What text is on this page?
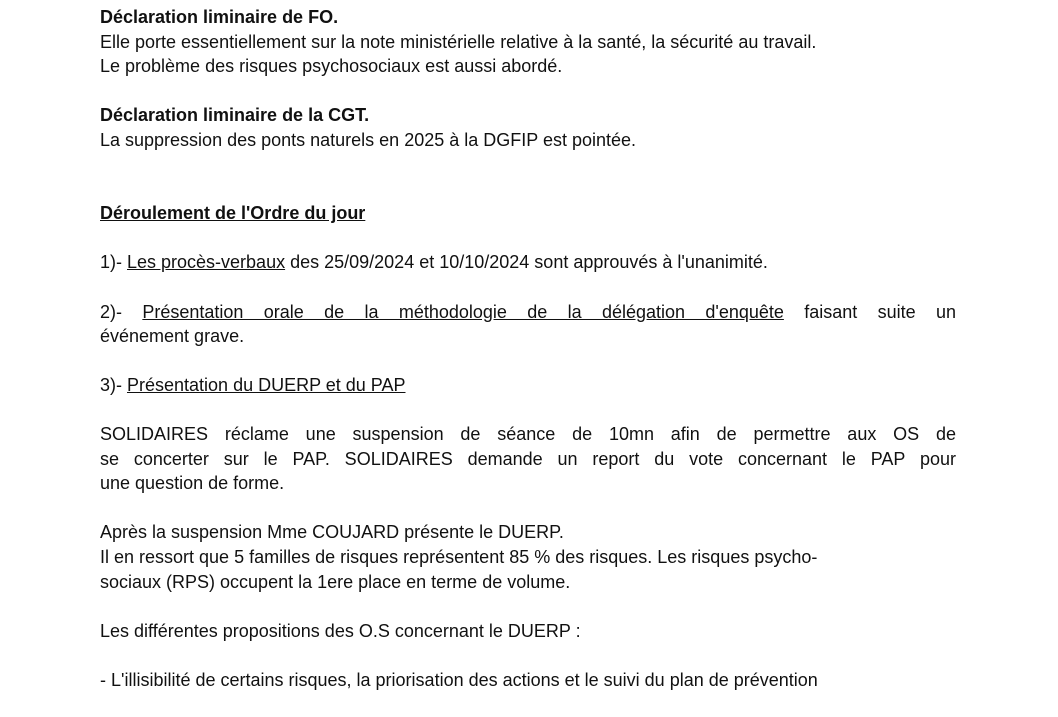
Déclaration liminaire de FO.
Elle porte essentiellement sur la note ministérielle relative à la santé, la sécurité au travail.
Le problème des risques psychosociaux est aussi abordé.
Déclaration liminaire de la CGT.
La suppression des ponts naturels en 2025 à la DGFIP est pointée.
Déroulement de l'Ordre du jour
1)- Les procès-verbaux des 25/09/2024 et 10/10/2024 sont approuvés à l'unanimité.
2)- Présentation orale de la méthodologie de la délégation d'enquête faisant suite un
événement grave.
3)- Présentation du DUERP et du PAP
SOLIDAIRES réclame une suspension de séance de 10mn afin de permettre aux OS de
se concerter sur le PAP. SOLIDAIRES demande un report du vote concernant le PAP pour
une question de forme.
Après la suspension Mme COUJARD présente le DUERP.
Il en ressort que 5 familles de risques représentent 85 % des risques. Les risques psycho-
sociaux (RPS) occupent la 1ere place en terme de volume.
Les différentes propositions des O.S concernant le DUERP :
- L'illisibilité de certains risques, la priorisation des actions et le suivi du plan de prévention
